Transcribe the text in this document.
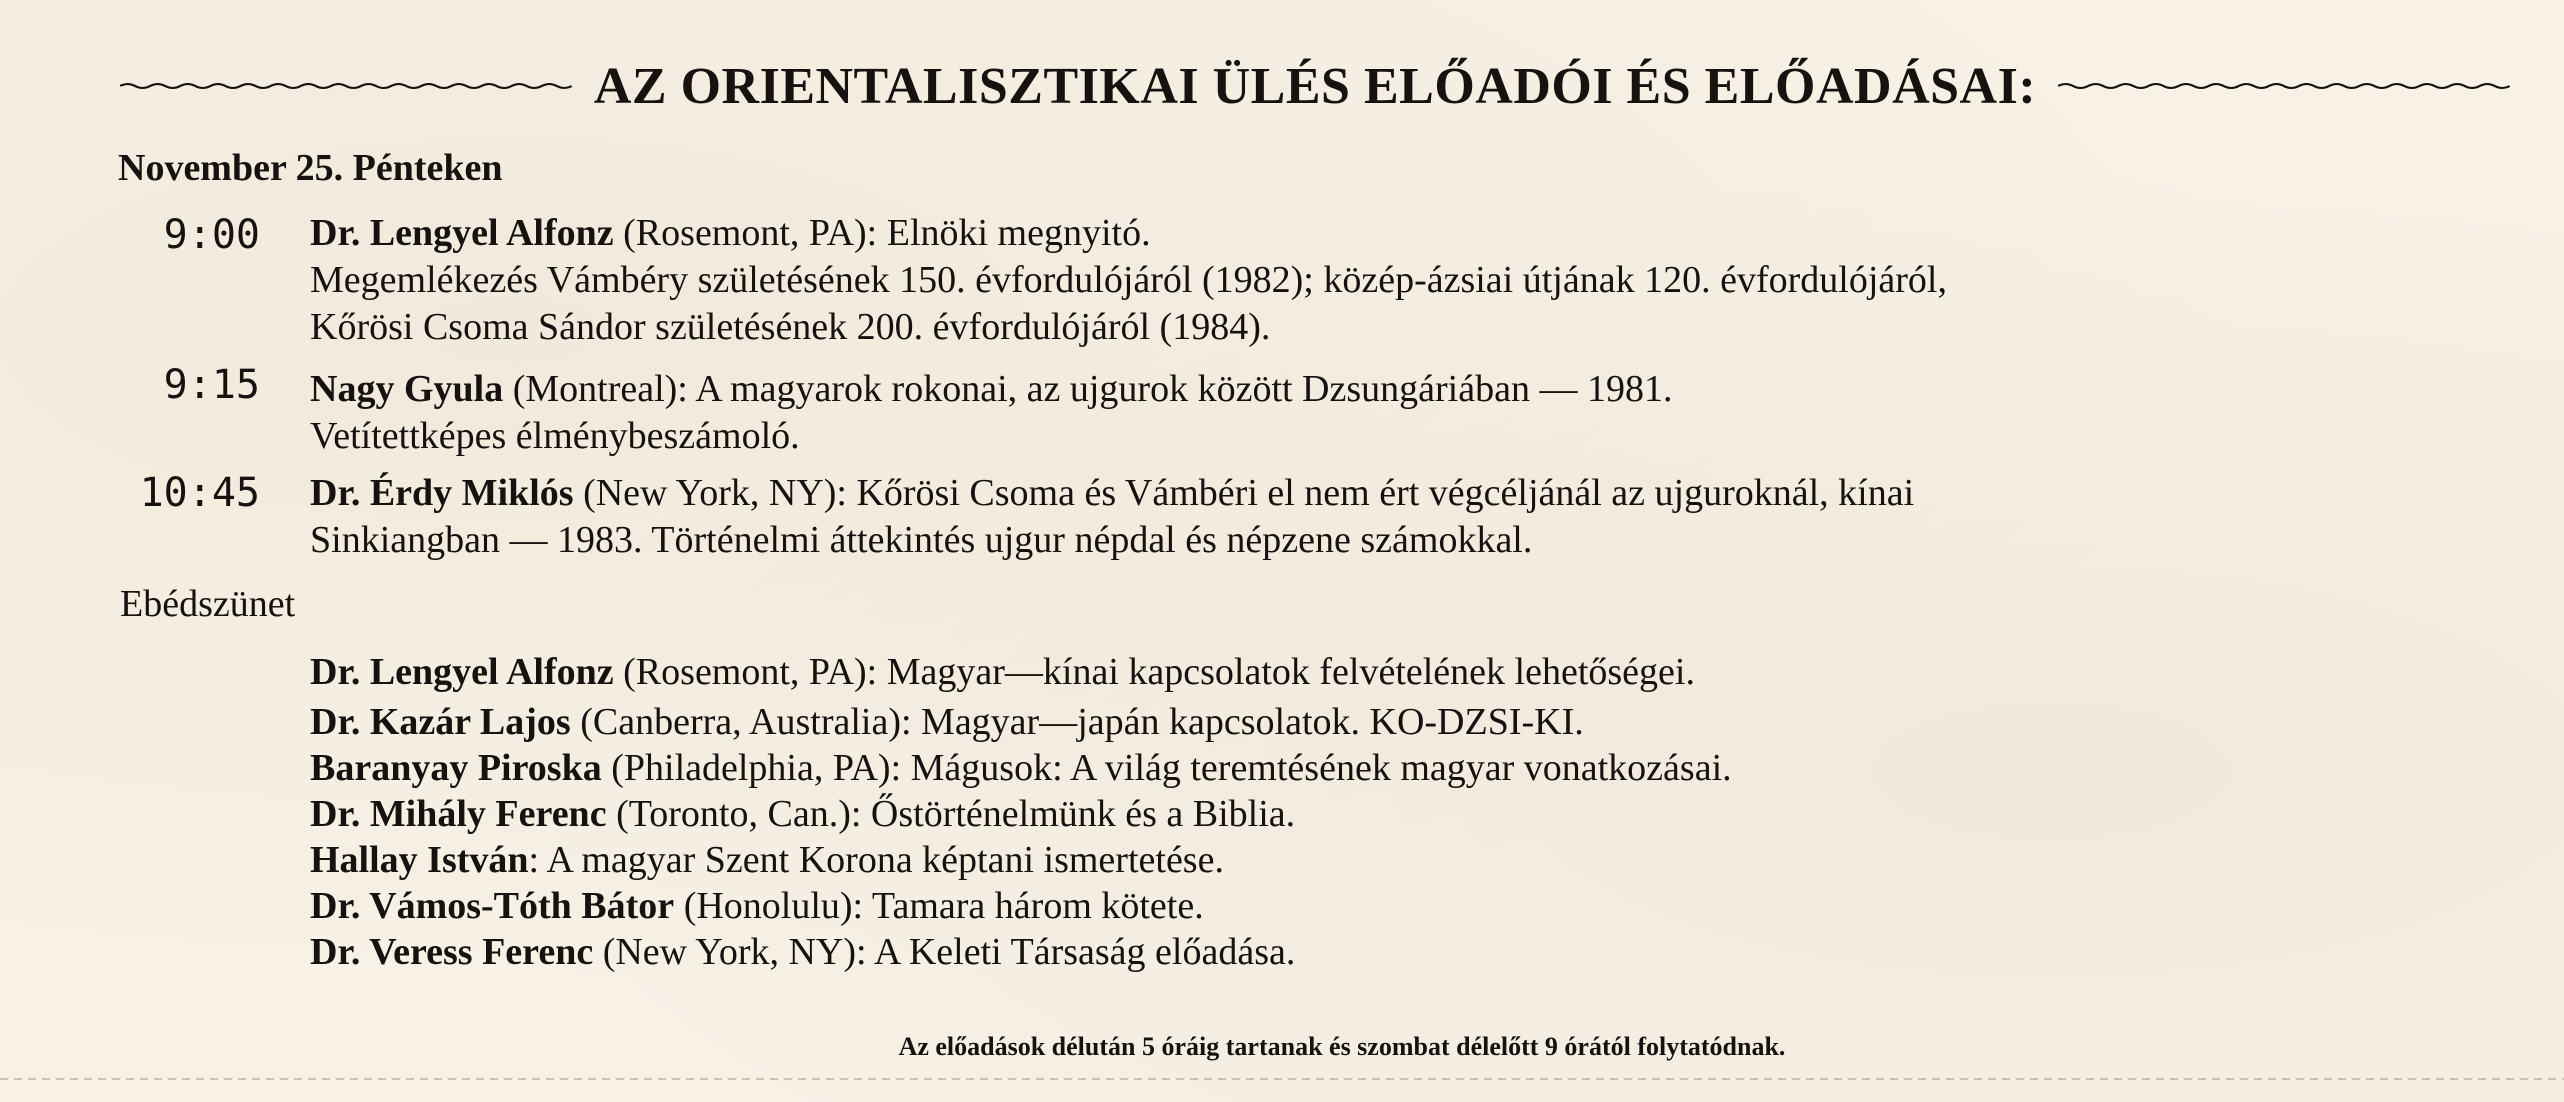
AZ ORIENTALISZTIKAI ÜLÉS ELŐADÓI ÉS ELŐADÁSAI:
November 25. Pénteken
9:00 Dr. Lengyel Alfonz (Rosemont, PA): Elnöki megnyitó.
Megemlékezés Vámbéry születésének 150. évfordulójáról (1982); közép-ázsiai útjának 120. évfordulójáról,
Kőrösi Csoma Sándor születésének 200. évfordulójáról (1984).
9:15 Nagy Gyula (Montreal): A magyarok rokonai, az ujgurok között Dzsungáriában — 1981.
Vetítettképes élménybeszámoló.
10:45 Dr. Érdy Miklós (New York, NY): Kőrösi Csoma és Vámbéri el nem ért végcéljánál az ujguroknál, kínai
Sinkiangban — 1983. Történelmi áttekintés ujgur népdal és népzene számokkal.
Ebédszünet
Dr. Lengyel Alfonz (Rosemont, PA): Magyar—kínai kapcsolatok felvételének lehetőségei.
Dr. Kazár Lajos (Canberra, Australia): Magyar—japán kapcsolatok. KO-DZSI-KI.
Baranyay Piroska (Philadelphia, PA): Mágusok: A világ teremtésének magyar vonatkozásai.
Dr. Mihály Ferenc (Toronto, Can.): Őstörténelmünk és a Biblia.
Hallay István: A magyar Szent Korona képtani ismertetése.
Dr. Vámos-Tóth Bátor (Honolulu): Tamara három kötete.
Dr. Veress Ferenc (New York, NY): A Keleti Társaság előadása.
Az előadások délután 5 óráig tartanak és szombat délelőtt 9 órától folytatódnak.
